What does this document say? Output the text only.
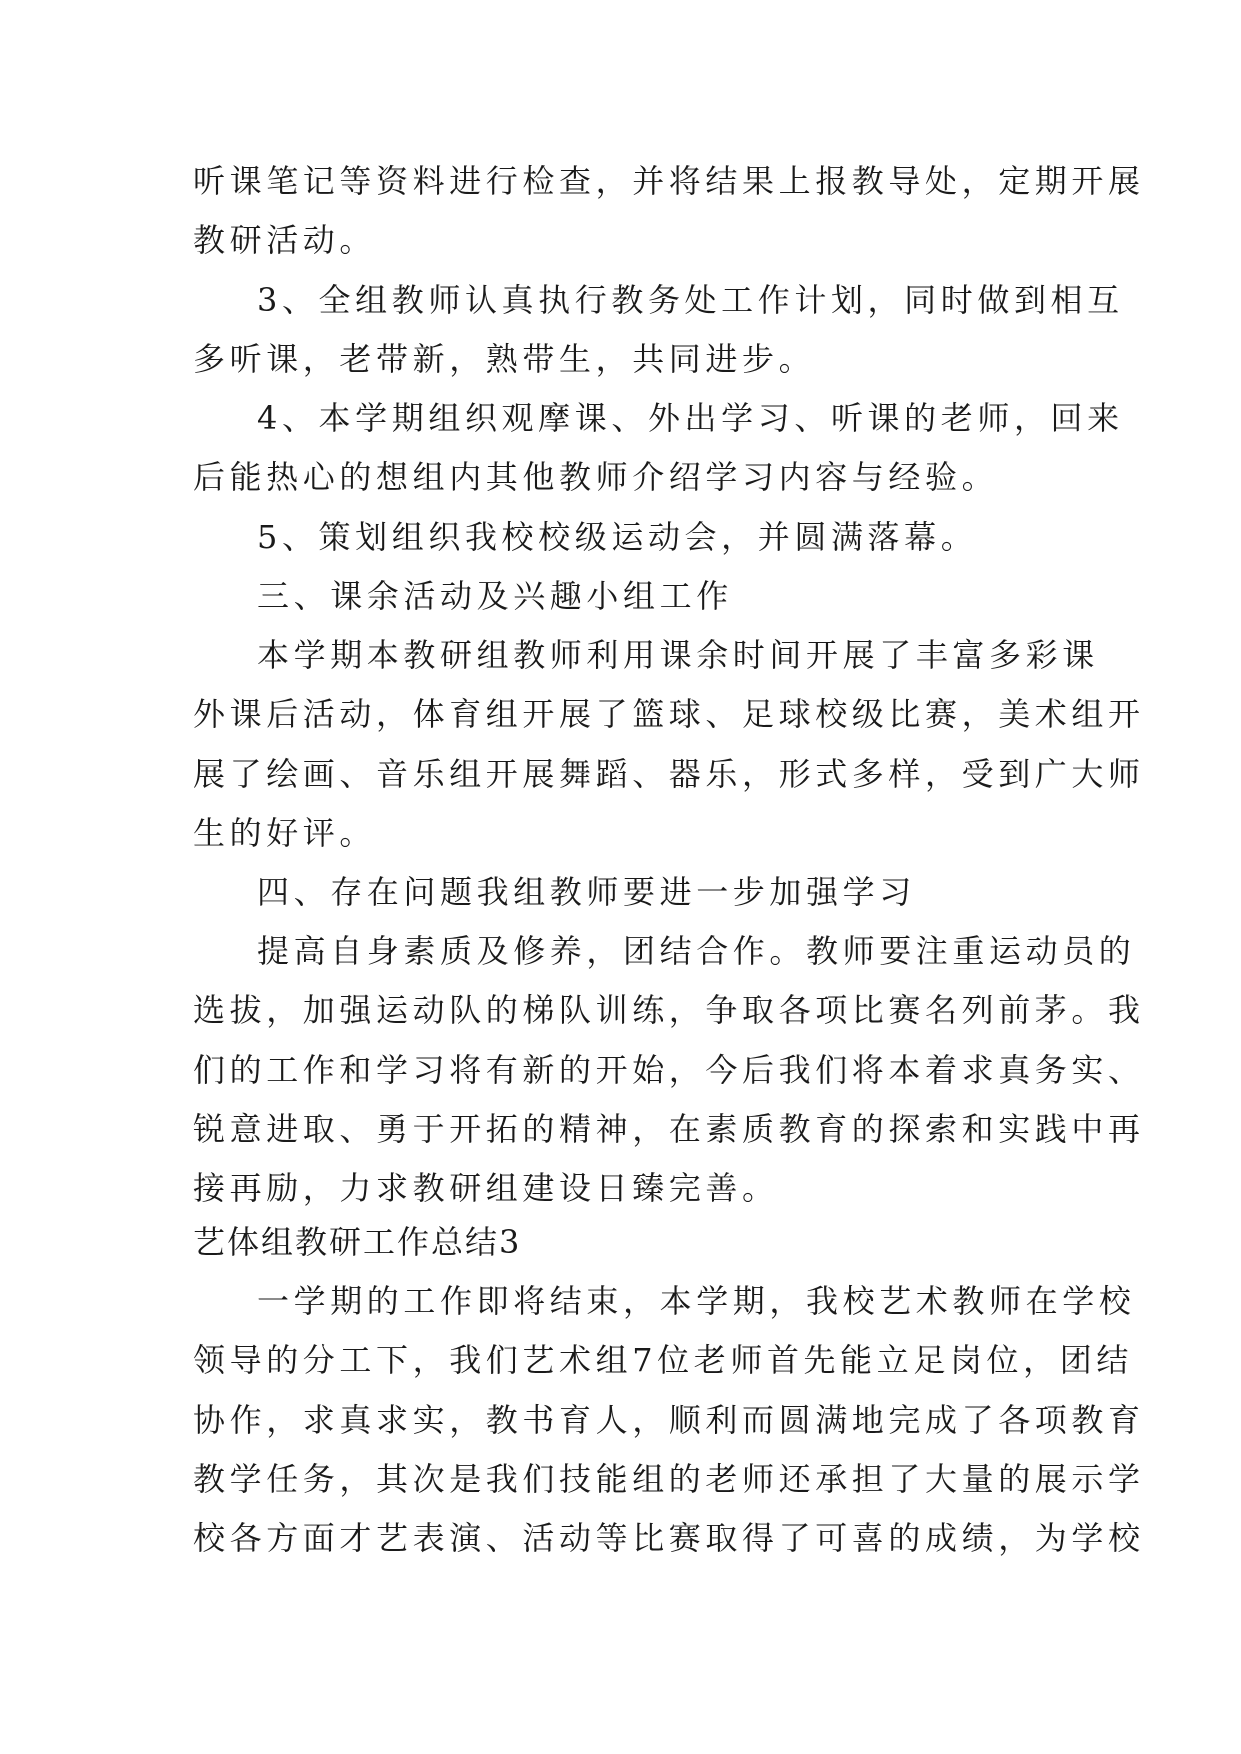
听课笔记等资料进行检查，并将结果上报教导处，定期开展
教研活动。
3、全组教师认真执行教务处工作计划，同时做到相互
多听课，老带新，熟带生，共同进步。
4、本学期组织观摩课、外出学习、听课的老师，回来
后能热心的想组内其他教师介绍学习内容与经验。
5、策划组织我校校级运动会，并圆满落幕。
三、课余活动及兴趣小组工作
本学期本教研组教师利用课余时间开展了丰富多彩课
外课后活动，体育组开展了篮球、足球校级比赛，美术组开
展了绘画、音乐组开展舞蹈、器乐，形式多样，受到广大师
生的好评。
四、存在问题我组教师要进一步加强学习
提高自身素质及修养，团结合作。教师要注重运动员的
选拔，加强运动队的梯队训练，争取各项比赛名列前茅。我
们的工作和学习将有新的开始，今后我们将本着求真务实、
锐意进取、勇于开拓的精神，在素质教育的探索和实践中再
接再励，力求教研组建设日臻完善。
艺体组教研工作总结3
一学期的工作即将结束，本学期，我校艺术教师在学校
领导的分工下，我们艺术组7位老师首先能立足岗位，团结
协作，求真求实，教书育人，顺利而圆满地完成了各项教育
教学任务，其次是我们技能组的老师还承担了大量的展示学
校各方面才艺表演、活动等比赛取得了可喜的成绩，为学校
